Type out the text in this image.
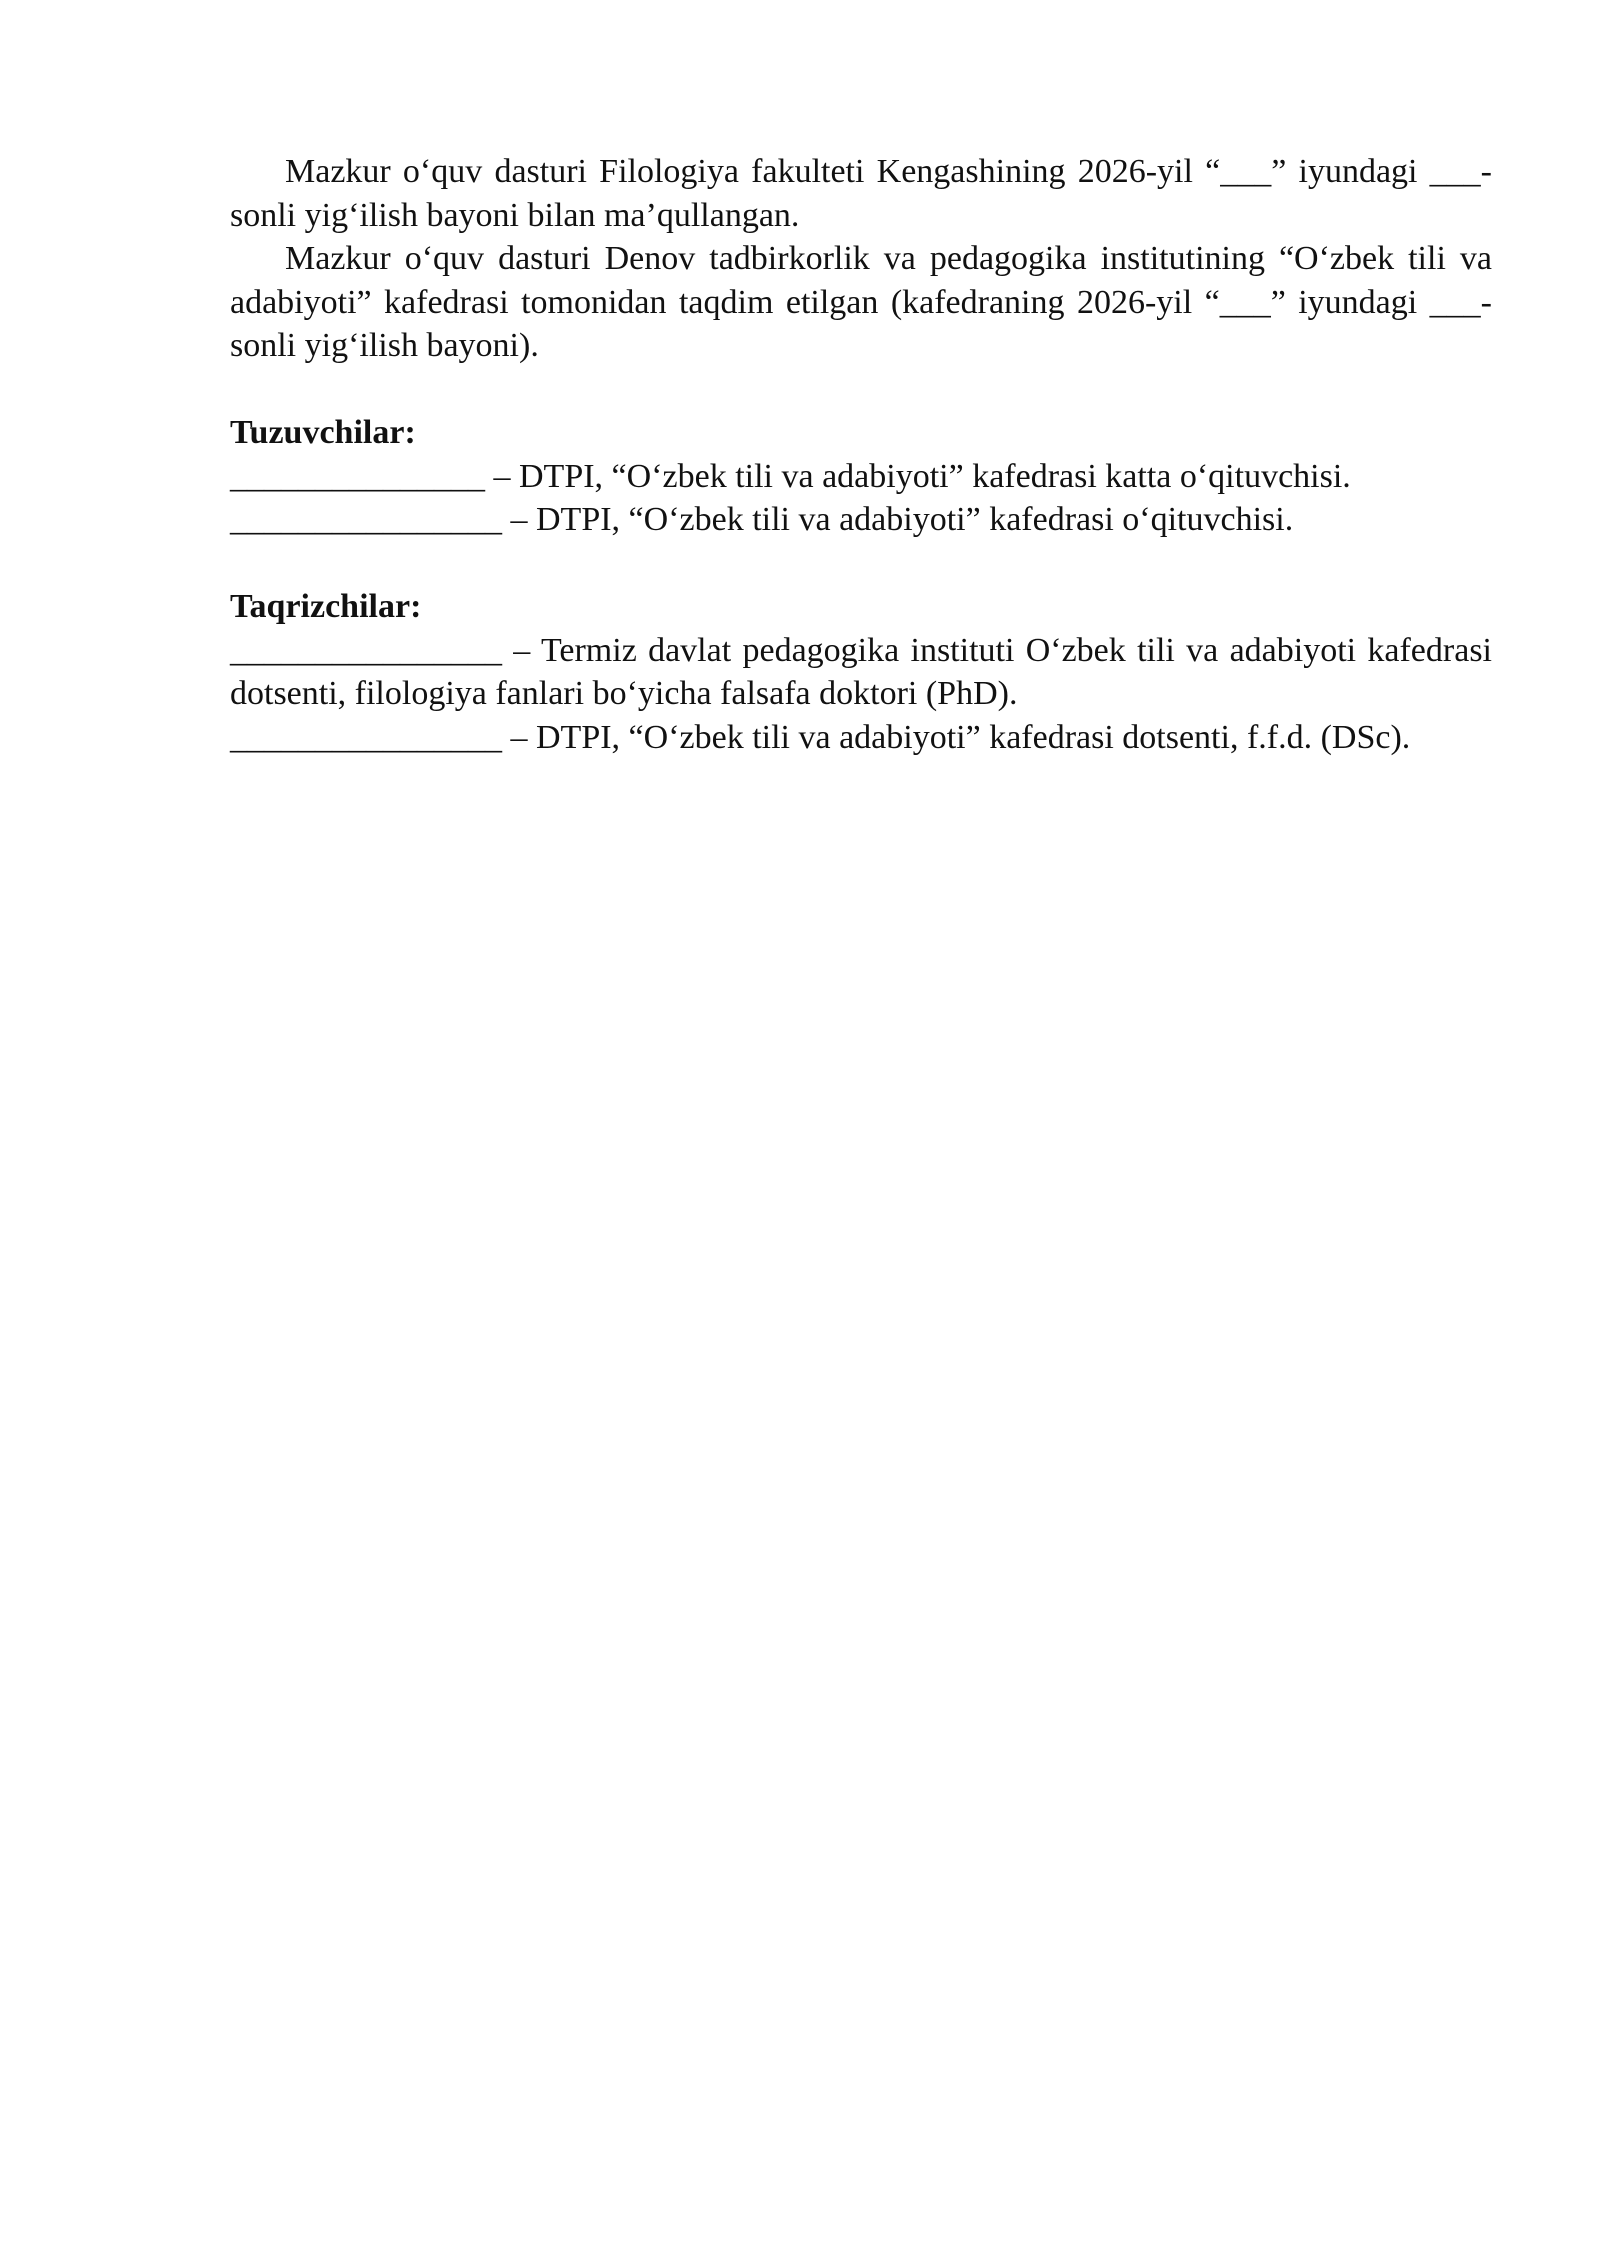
Mazkur o‘quv dasturi Filologiya fakulteti Kengashining 2026-yil “___” iyundagi ___-sonli yig‘ilish bayoni bilan ma’qullangan.

Mazkur o‘quv dasturi Denov tadbirkorlik va pedagogika institutining “O‘zbek tili va adabiyoti” kafedrasi tomonidan taqdim etilgan (kafedraning 2026-yil “___” iyundagi ___-sonli yig‘ilish bayoni).

Tuzuvchilar:

_______________ – DTPI, “O‘zbek tili va adabiyoti” kafedrasi katta o‘qituvchisi.

________________ – DTPI, “O‘zbek tili va adabiyoti” kafedrasi o‘qituvchisi.

Taqrizchilar:

________________ – Termiz davlat pedagogika instituti O‘zbek tili va adabiyoti kafedrasi dotsenti, filologiya fanlari bo‘yicha falsafa doktori (PhD).

________________ – DTPI, “O‘zbek tili va adabiyoti” kafedrasi dotsenti, f.f.d. (DSc).
